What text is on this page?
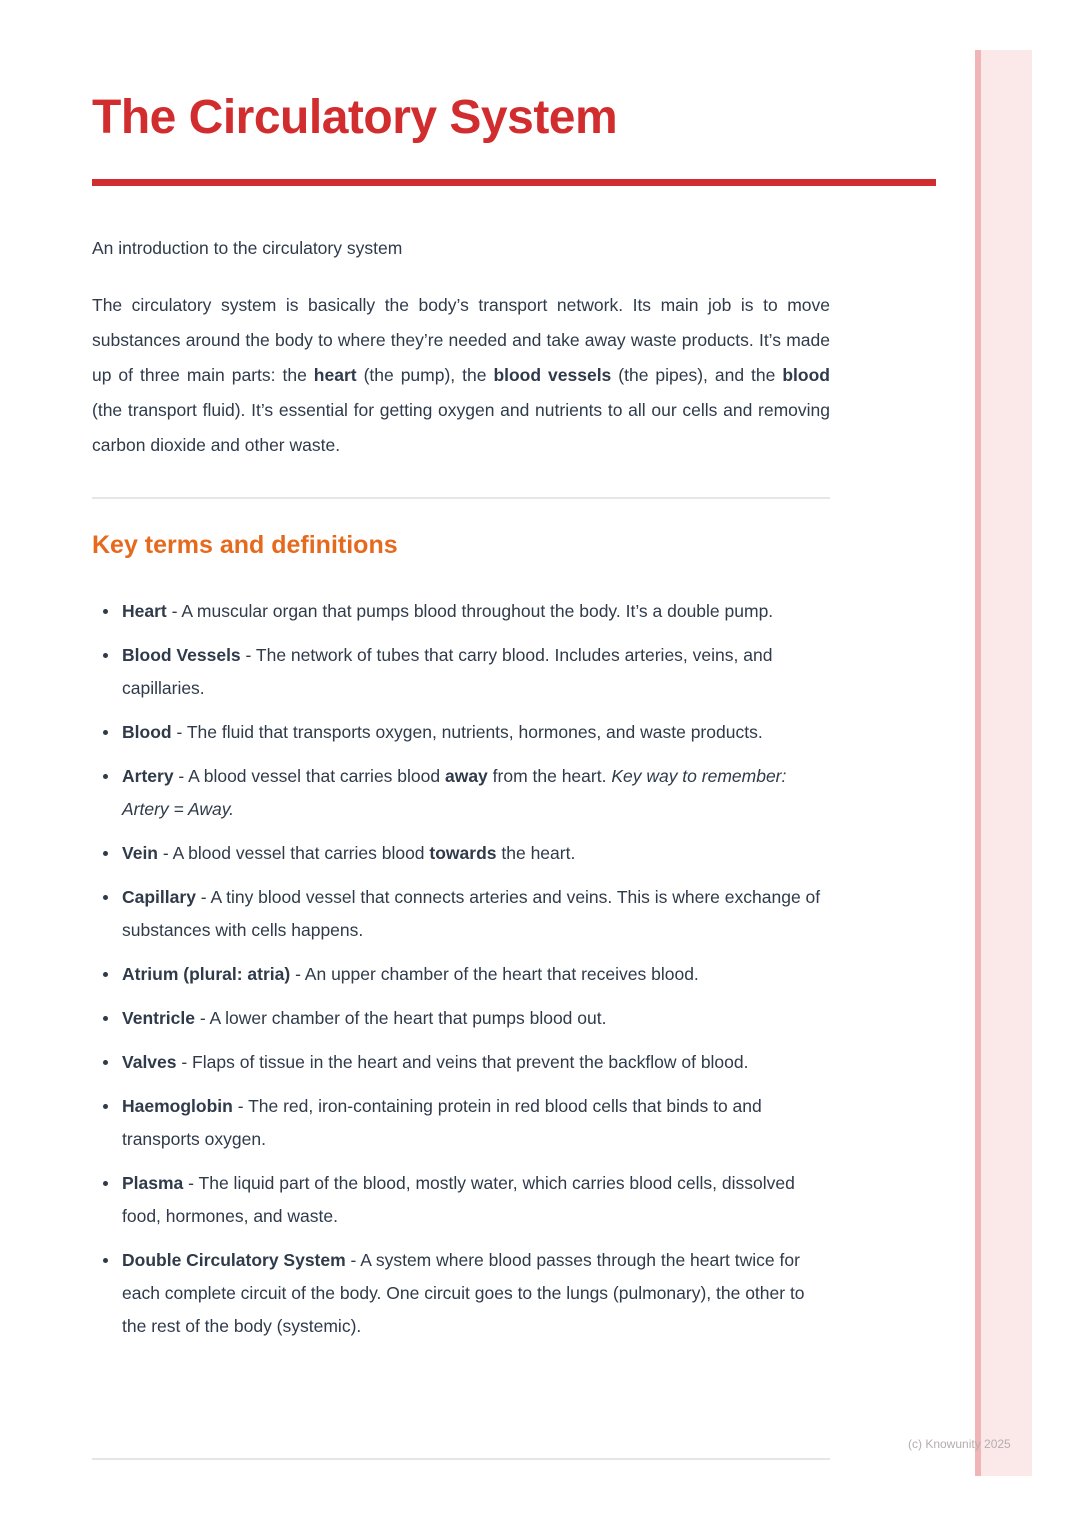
The Circulatory System

An introduction to the circulatory system

The circulatory system is basically the body’s transport network. Its main job is to move substances around the body to where they’re needed and take away waste products. It’s made up of three main parts: the heart (the pump), the blood vessels (the pipes), and the blood (the transport fluid). It’s essential for getting oxygen and nutrients to all our cells and removing carbon dioxide and other waste.

Key terms and definitions
Heart - A muscular organ that pumps blood throughout the body. It’s a double pump.
Blood Vessels - The network of tubes that carry blood. Includes arteries, veins, and capillaries.
Blood - The fluid that transports oxygen, nutrients, hormones, and waste products.
Artery - A blood vessel that carries blood away from the heart. Key way to remember: Artery = Away.
Vein - A blood vessel that carries blood towards the heart.
Capillary - A tiny blood vessel that connects arteries and veins. This is where exchange of substances with cells happens.
Atrium (plural: atria) - An upper chamber of the heart that receives blood.
Ventricle - A lower chamber of the heart that pumps blood out.
Valves - Flaps of tissue in the heart and veins that prevent the backflow of blood.
Haemoglobin - The red, iron-containing protein in red blood cells that binds to and transports oxygen.
Plasma - The liquid part of the blood, mostly water, which carries blood cells, dissolved food, hormones, and waste.
Double Circulatory System - A system where blood passes through the heart twice for each complete circuit of the body. One circuit goes to the lungs (pulmonary), the other to the rest of the body (systemic).
(c) Knowunity 2025
